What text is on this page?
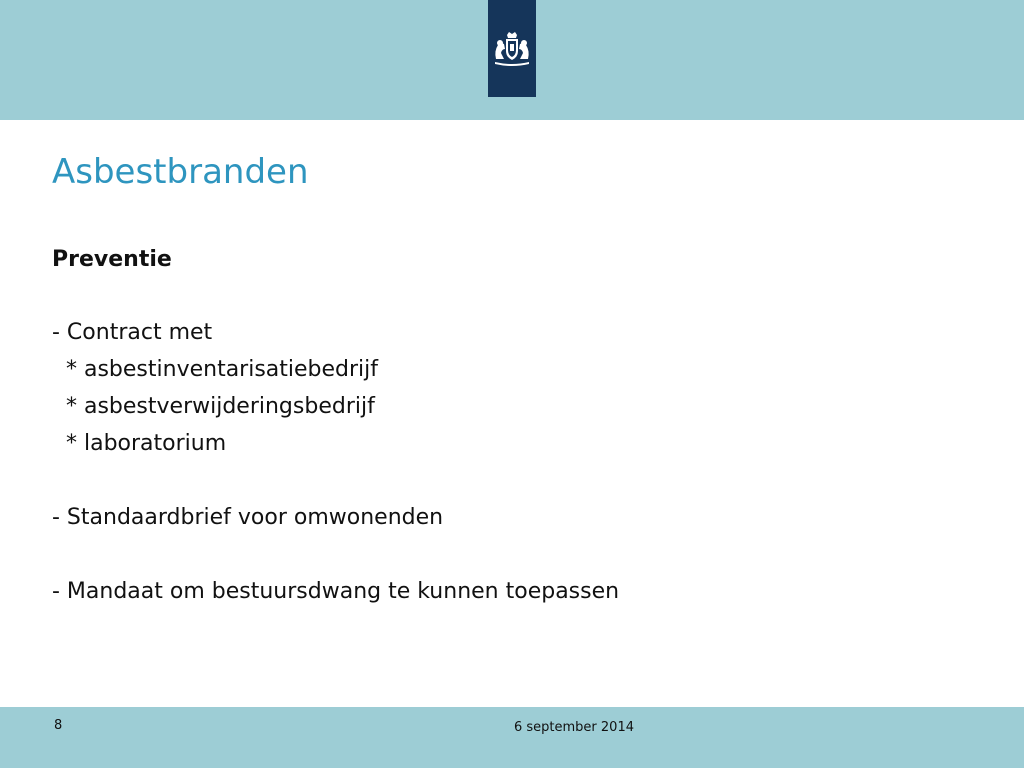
Asbestbranden
Preventie
- Contract met
* asbestinventarisatiebedrijf
* asbestverwijderingsbedrijf
* laboratorium
- Standaardbrief voor omwonenden
- Mandaat om bestuursdwang te kunnen toepassen
8	6 september 2014
